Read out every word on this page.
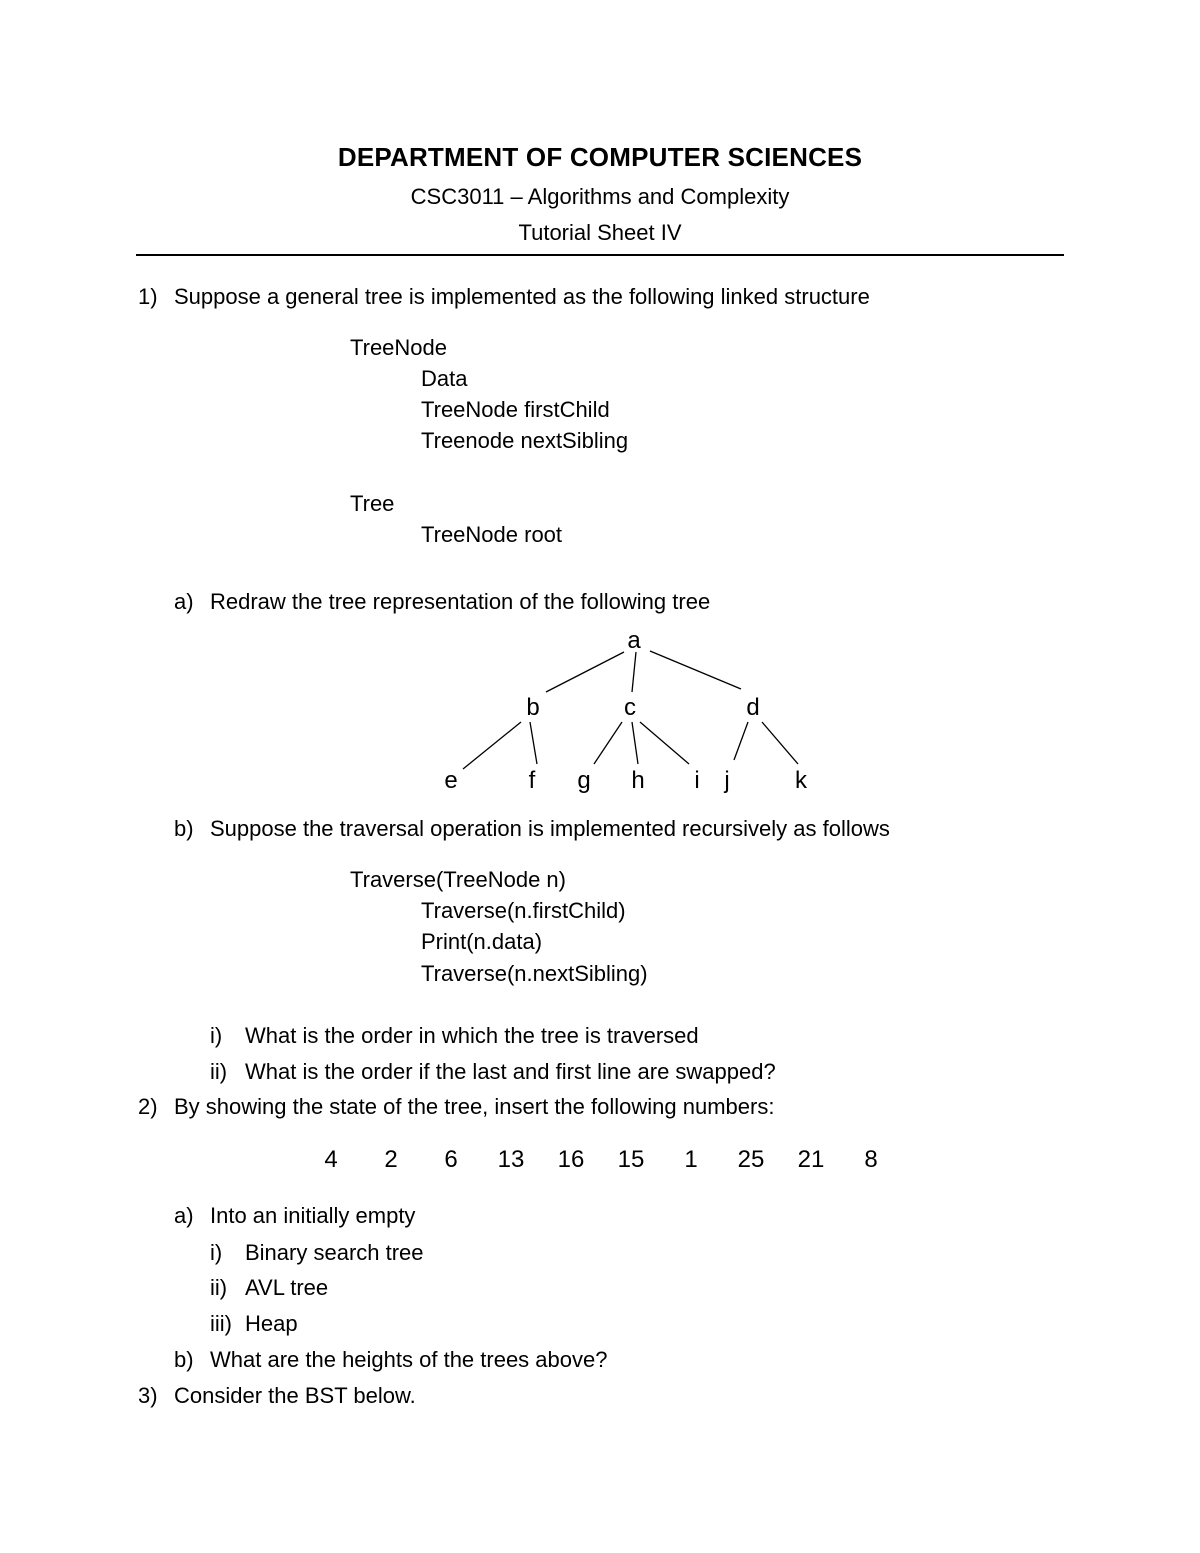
DEPARTMENT OF COMPUTER SCIENCES
CSC3011 – Algorithms and Complexity
Tutorial Sheet IV
1) Suppose a general tree is implemented as the following linked structure
TreeNode
Data
TreeNode firstChild
Treenode nextSibling
Tree
TreeNode root
a) Redraw the tree representation of the following tree
a
b	c	d
e	f g h i j	k
b) Suppose the traversal operation is implemented recursively as follows
Traverse(TreeNode n)
Traverse(n.firstChild)
Print(n.data)
Traverse(n.nextSibling)
i) What is the order in which the tree is traversed
ii) What is the order if the last and first line are swapped?
2) By showing the state of the tree, insert the following numbers:
4 2 6 13 16 15 1 25 21 8
a) Into an initially empty
i) Binary search tree
ii) AVL tree
iii) Heap
b) What are the heights of the trees above?
3) Consider the BST below.
